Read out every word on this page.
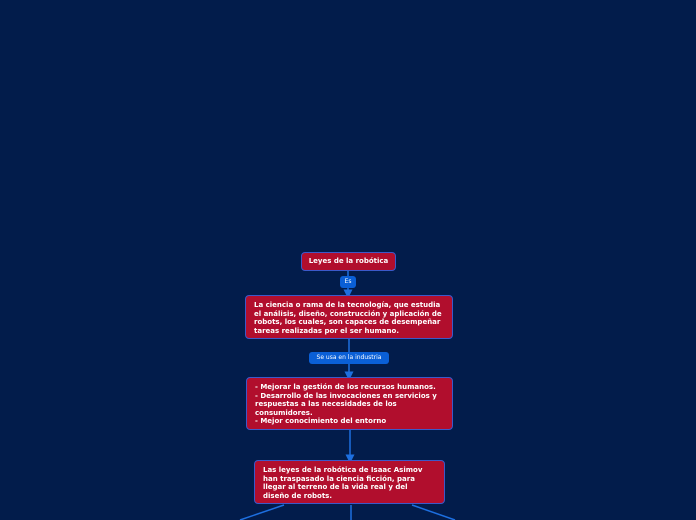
Leyes de la robótica
Es
La ciencia o rama de la tecnología, que estudia el análisis, diseño, construcción y aplicación de robots, los cuales, son capaces de desempeñar tareas realizadas por el ser humano.
Se usa en la industria
- Mejorar la gestión de los recursos humanos.
- Desarrollo de las invocaciones en servicios y respuestas a las necesidades de los consumidores.
- Mejor conocimiento del entorno
Las leyes de la robótica de Isaac Asimov han traspasado la ciencia ficción, para llegar al terreno de la vida real y del diseño de robots.
